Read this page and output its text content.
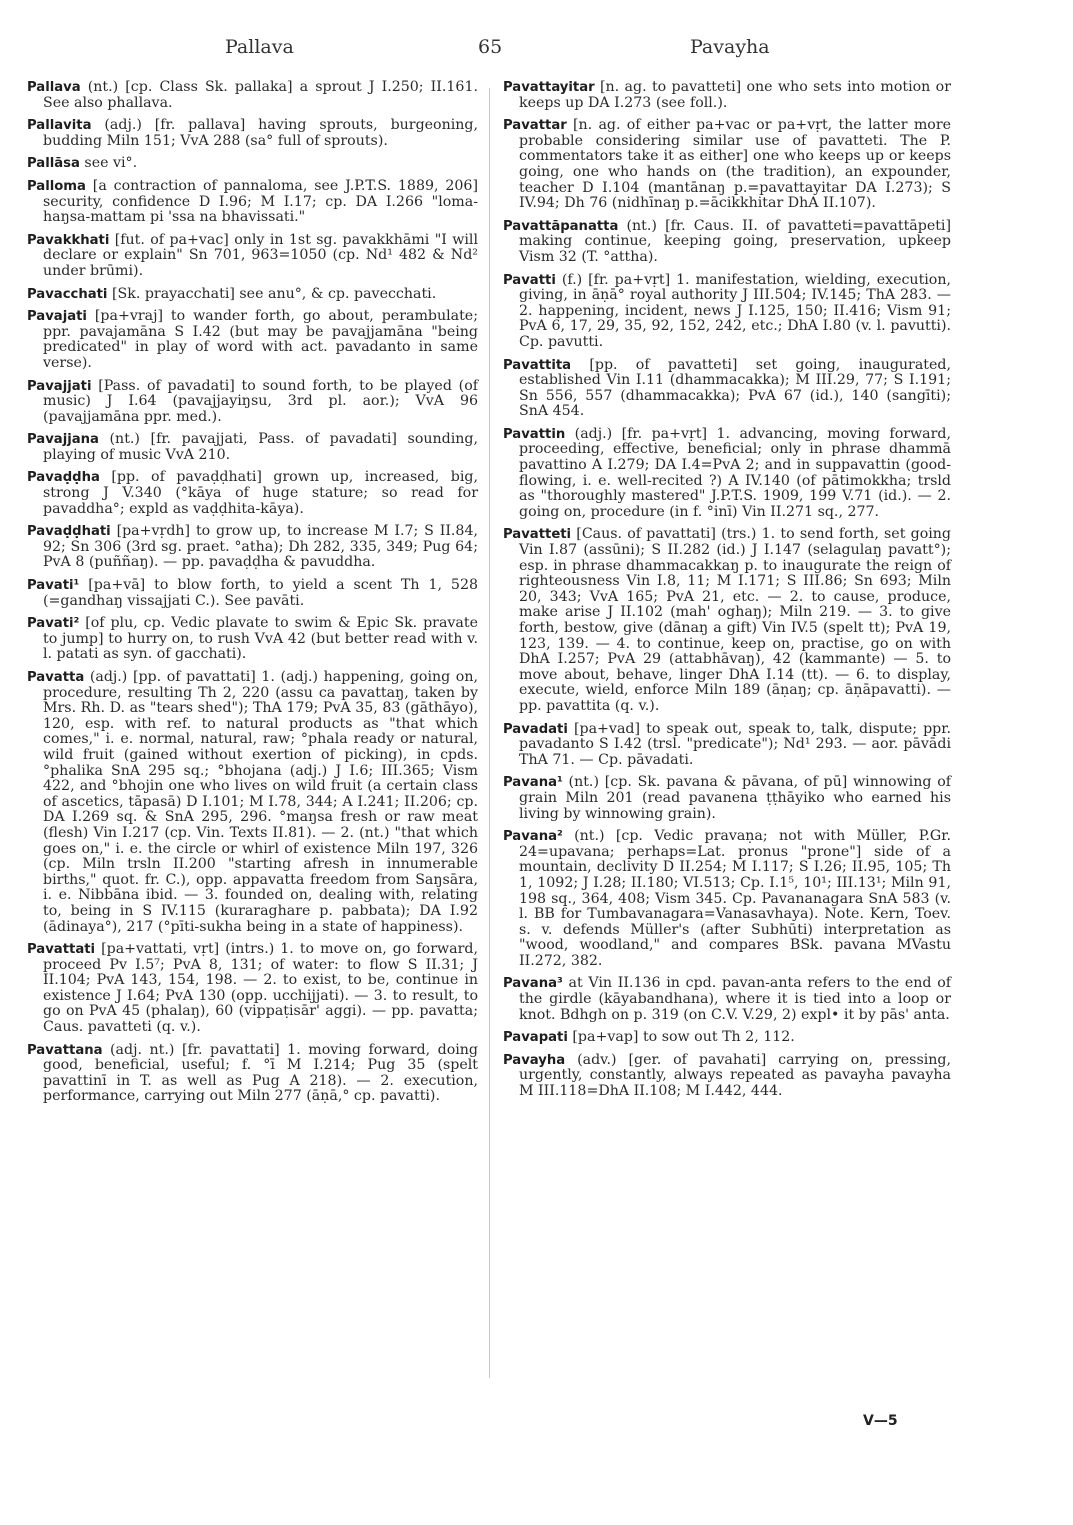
Pallava	65	Pavayha

Pallava (nt.) [cp. Class Sk. pallaka] a sprout J I.250; II.161. See also phallava.

Pallavita (adj.) [fr. pallava] having sprouts, burgeoning, budding Miln 151; VvA 288 (sa° full of sprouts).

Pallāsa see vi°.

Palloma [a contraction of pannaloma, see J.P.T.S. 1889, 206] security, confidence D I.96; M I.17; cp. DA I.266 "loma-haŋsa-mattam pi 'ssa na bhavissati."

Pavakkhati [fut. of pa+vac] only in 1st sg. pavakkhāmi "I will declare or explain" Sn 701, 963=1050 (cp. Nd¹ 482 & Nd² under brūmi).

Pavacchati [Sk. prayacchati] see anu°, & cp. pavecchati.

Pavajati [pa+vraj] to wander forth, go about, perambulate; ppr. pavajamāna S I.42 (but may be pavajjamāna "being predicated" in play of word with act. pavadanto in same verse).

Pavajjati [Pass. of pavadati] to sound forth, to be played (of music) J I.64 (pavajjayiŋsu, 3rd pl. aor.); VvA 96 (pavajjamāna ppr. med.).

Pavajjana (nt.) [fr. pavajjati, Pass. of pavadati] sounding, playing of music VvA 210.

Pavaḍḍha [pp. of pavaḍḍhati] grown up, increased, big, strong J V.340 (°kāya of huge stature; so read for pavaddha°; expld as vaḍḍhita-kāya).

Pavaḍḍhati [pa+vṛdh] to grow up, to increase M I.7; S II.84, 92; Sn 306 (3rd sg. praet. °atha); Dh 282, 335, 349; Pug 64; PvA 8 (puññaŋ). — pp. pavaḍḍha & pavuddha.

Pavati¹ [pa+vā] to blow forth, to yield a scent Th 1, 528 (=gandhaŋ vissajjati C.). See pavāti.

Pavati² [of plu, cp. Vedic plavate to swim & Epic Sk. pravate to jump] to hurry on, to rush VvA 42 (but better read with v. l. patati as syn. of gacchati).

Pavatta (adj.) [pp. of pavattati] 1. (adj.) happening, going on, procedure, resulting Th 2, 220 (assu ca pavattaŋ, taken by Mrs. Rh. D. as "tears shed"); ThA 179; PvA 35, 83 (gāthāyo), 120, esp. with ref. to natural products as "that which comes," i. e. normal, natural, raw; °phala ready or natural, wild fruit (gained without exertion of picking), in cpds. °phalika SnA 295 sq.; °bhojana (adj.) J I.6; III.365; Vism 422, and °bhojin one who lives on wild fruit (a certain class of ascetics, tāpasā) D I.101; M I.78, 344; A I.241; II.206; cp. DA I.269 sq. & SnA 295, 296. °maŋsa fresh or raw meat (flesh) Vin I.217 (cp. Vin. Texts II.81). — 2. (nt.) "that which goes on," i. e. the circle or whirl of existence Miln 197, 326 (cp. Miln trsln II.200 "starting afresh in innumerable births," quot. fr. C.), opp. appavatta freedom from Saŋsāra, i. e. Nibbāna ibid. — 3. founded on, dealing with, relating to, being in S IV.115 (kuraraghare p. pabbata); DA I.92 (ādinaya°), 217 (°pīti-sukha being in a state of happiness).

Pavattati [pa+vattati, vṛt] (intrs.) 1. to move on, go forward, proceed Pv I.5⁷; PvA 8, 131; of water: to flow S II.31; J II.104; PvA 143, 154, 198. — 2. to exist, to be, continue in existence J I.64; PvA 130 (opp. ucchijjati). — 3. to result, to go on PvA 45 (phalaŋ), 60 (vippaṭisār' aggi). — pp. pavatta; Caus. pavatteti (q. v.).

Pavattana (adj. nt.) [fr. pavattati] 1. moving forward, doing good, beneficial, useful; f. °ī M I.214; Pug 35 (spelt pavattinī in T. as well as Pug A 218). — 2. execution, performance, carrying out Miln 277 (āṇā,° cp. pavatti).

Pavattayitar [n. ag. to pavatteti] one who sets into motion or keeps up DA I.273 (see foll.).

Pavattar [n. ag. of either pa+vac or pa+vṛt, the latter more probable considering similar use of pavatteti. The P. commentators take it as either] one who keeps up or keeps going, one who hands on (the tradition), an expounder, teacher D I.104 (mantānaŋ p.=pavattayitar DA I.273); S IV.94; Dh 76 (nidhīnaŋ p.=ācikkhitar DhA II.107).

Pavattāpanatta (nt.) [fr. Caus. II. of pavatteti=pavattāpeti] making continue, keeping going, preservation, upkeep Vism 32 (T. °attha).

Pavatti (f.) [fr. pa+vṛt] 1. manifestation, wielding, execution, giving, in āṇā° royal authority J III.504; IV.145; ThA 283. — 2. happening, incident, news J I.125, 150; II.416; Vism 91; PvA 6, 17, 29, 35, 92, 152, 242, etc.; DhA I.80 (v. l. pavutti). Cp. pavutti.

Pavattita [pp. of pavatteti] set going, inaugurated, established Vin I.11 (dhammacakka); M III.29, 77; S I.191; Sn 556, 557 (dhammacakka); PvA 67 (id.), 140 (sangīti); SnA 454.

Pavattin (adj.) [fr. pa+vṛt] 1. advancing, moving forward, proceeding, effective, beneficial; only in phrase dhammā pavattino A I.279; DA I.4=PvA 2; and in suppavattin (good-flowing, i. e. well-recited ?) A IV.140 (of pātimokkha; trsld as "thoroughly mastered" J.P.T.S. 1909, 199 V.71 (id.). — 2. going on, procedure (in f. °inī) Vin II.271 sq., 277.

Pavatteti [Caus. of pavattati] (trs.) 1. to send forth, set going Vin I.87 (assūni); S II.282 (id.) J I.147 (selagulaŋ pavatt°); esp. in phrase dhammacakkaŋ p. to inaugurate the reign of righteousness Vin I.8, 11; M I.171; S III.86; Sn 693; Miln 20, 343; VvA 165; PvA 21, etc. — 2. to cause, produce, make arise J II.102 (mah' oghaŋ); Miln 219. — 3. to give forth, bestow, give (dānaŋ a gift) Vin IV.5 (spelt tt); PvA 19, 123, 139. — 4. to continue, keep on, practise, go on with DhA I.257; PvA 29 (attabhāvaŋ), 42 (kammante) — 5. to move about, behave, linger DhA I.14 (tt). — 6. to display, execute, wield, enforce Miln 189 (āṇaŋ; cp. āṇāpavatti). — pp. pavattita (q. v.).

Pavadati [pa+vad] to speak out, speak to, talk, dispute; ppr. pavadanto S I.42 (trsl. "predicate"); Nd¹ 293. — aor. pāvādi ThA 71. — Cp. pāvadati.

Pavana¹ (nt.) [cp. Sk. pavana & pāvana, of pū] winnowing of grain Miln 201 (read pavanena ṭṭhāyiko who earned his living by winnowing grain).

Pavana² (nt.) [cp. Vedic pravaṇa; not with Müller, P.Gr. 24=upavana; perhaps=Lat. pronus "prone"] side of a mountain, declivity D II.254; M I.117; S I.26; II.95, 105; Th 1, 1092; J I.28; II.180; VI.513; Cp. I.1⁵, 10¹; III.13¹; Miln 91, 198 sq., 364, 408; Vism 345. Cp. Pavananagara SnA 583 (v. l. BB for Tumbavanagara=Vanasavhaya). Note. Kern, Toev. s. v. defends Müller's (after Subhūti) interpretation as "wood, woodland," and compares BSk. pavana MVastu II.272, 382.

Pavana³ at Vin II.136 in cpd. pavan-anta refers to the end of the girdle (kāyabandhana), where it is tied into a loop or knot. Bdhgh on p. 319 (on C.V. V.29, 2) expl• it by pās' anta.

Pavapati [pa+vap] to sow out Th 2, 112.

Pavayha (adv.) [ger. of pavahati] carrying on, pressing, urgently, constantly, always repeated as pavayha pavayha M III.118=DhA II.108; M I.442, 444.

V—5
